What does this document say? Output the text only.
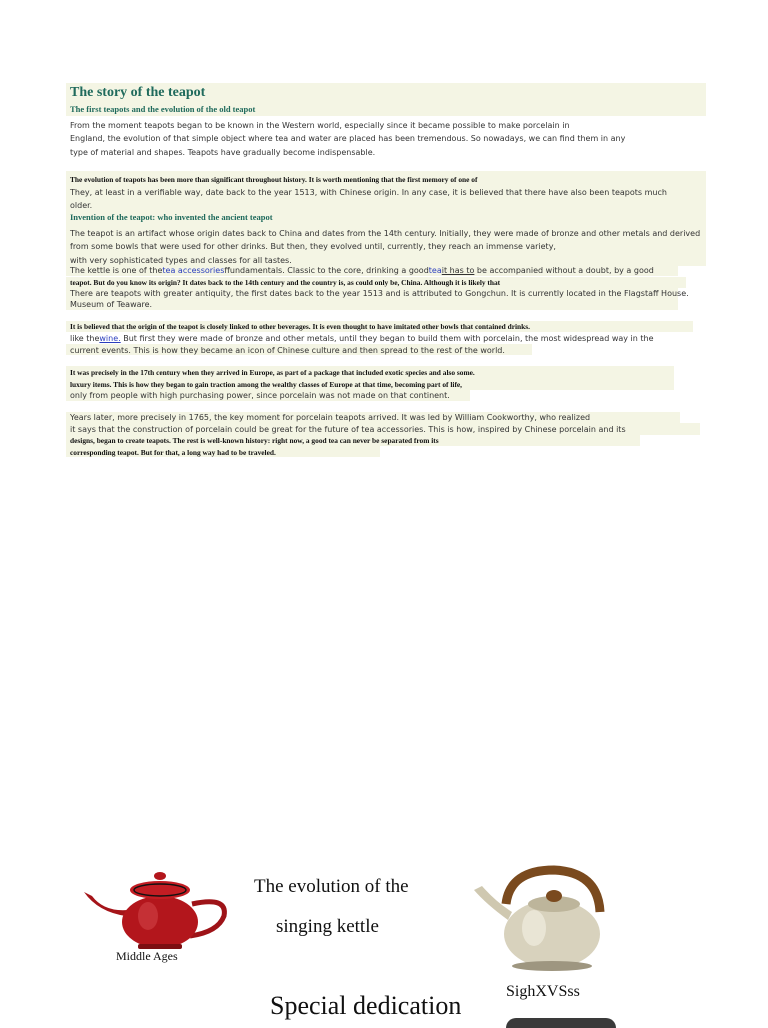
The story of the teapot
The first teapots and the evolution of the old teapot
From the moment teapots began to be known in the Western world, especially since it became possible to make porcelain in
England, the evolution of that simple object where tea and water are placed has been tremendous. So nowadays, we can find them in any
type of material and shapes. Teapots have gradually become indispensable.
The evolution of teapots has been more than significant throughout history. It is worth mentioning that the first memory of one of
They, at least in a verifiable way, date back to the year 1513, with Chinese origin. In any case, it is believed that there have also been teapots much
older.
Invention of the teapot: who invented the ancient teapot
The teapot is an artifact whose origin dates back to China and dates from the 14th century. Initially, they were made of bronze and other metals and derived
from some bowls that were used for other drinks. But then, they evolved until, currently, they reach an immense variety,
with very sophisticated types and classes for all tastes.
The kettle is one of thetea accessoriesffundamentals. Classic to the core, drinking a goodteait has to be accompanied without a doubt, by a good
teapot. But do you know its origin? It dates back to the 14th century and the country is, as could only be, China. Although it is likely that
There are teapots with greater antiquity, the first dates back to the year 1513 and is attributed to Gongchun. It is currently located in the Flagstaff House.
Museum of Teaware.
It is believed that the origin of the teapot is closely linked to other beverages. It is even thought to have imitated other bowls that contained drinks.
like thewine. But first they were made of bronze and other metals, until they began to build them with porcelain, the most widespread way in the
current events. This is how they became an icon of Chinese culture and then spread to the rest of the world.
It was precisely in the 17th century when they arrived in Europe, as part of a package that included exotic species and also some.
luxury items. This is how they began to gain traction among the wealthy classes of Europe at that time, becoming part of life,
only from people with high purchasing power, since porcelain was not made on that continent.
Years later, more precisely in 1765, the key moment for porcelain teapots arrived. It was led by William Cookworthy, who realized
it says that the construction of porcelain could be great for the future of tea accessories. This is how, inspired by Chinese porcelain and its
designs, began to create teapots. The rest is well-known history: right now, a good tea can never be separated from its
corresponding teapot. But for that, a long way had to be traveled.
Middle Ages
The evolution of the
singing kettle
SighXVSss
Special dedication
